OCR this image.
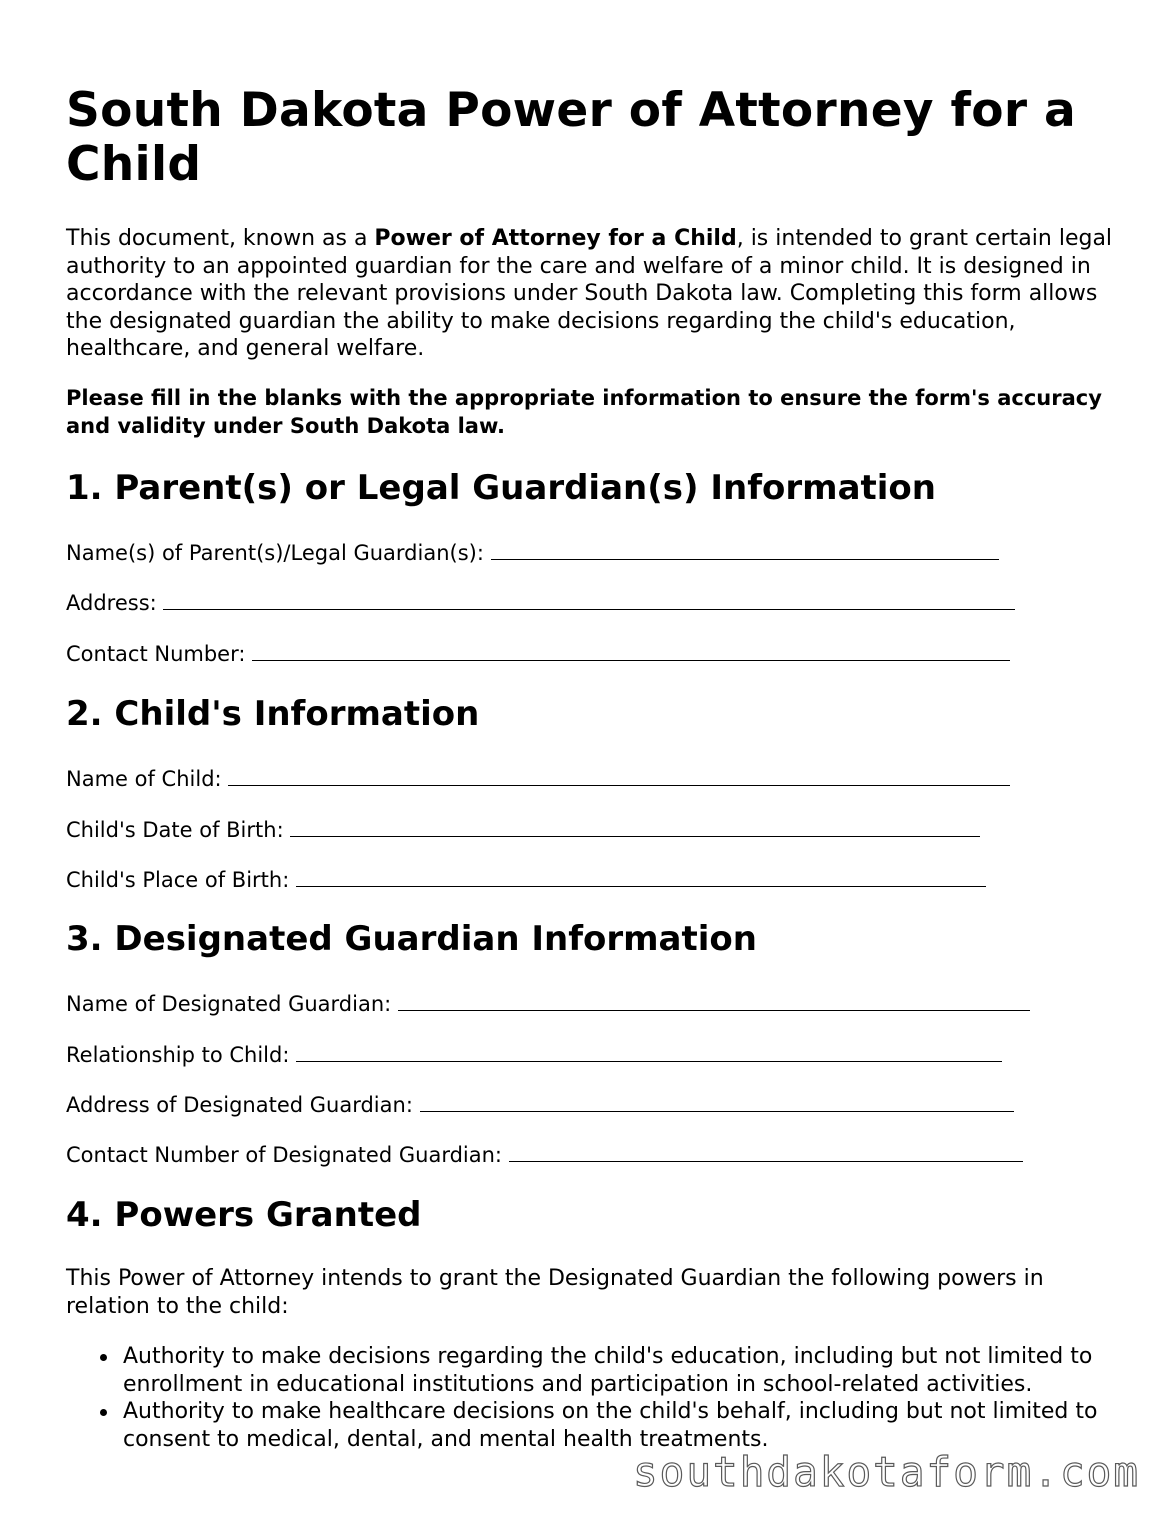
South Dakota Power of Attorney for a Child

This document, known as a Power of Attorney for a Child, is intended to grant certain legal authority to an appointed guardian for the care and welfare of a minor child. It is designed in accordance with the relevant provisions under South Dakota law. Completing this form allows the designated guardian the ability to make decisions regarding the child's education, healthcare, and general welfare.

Please fill in the blanks with the appropriate information to ensure the form's accuracy and validity under South Dakota law.

1. Parent(s) or Legal Guardian(s) Information
Name(s) of Parent(s)/Legal Guardian(s):
Address:
Contact Number:
2. Child's Information
Name of Child:
Child's Date of Birth:
Child's Place of Birth:
3. Designated Guardian Information
Name of Designated Guardian:
Relationship to Child:
Address of Designated Guardian:
Contact Number of Designated Guardian:
4. Powers Granted

This Power of Attorney intends to grant the Designated Guardian the following powers in relation to the child:

Authority to make decisions regarding the child's education, including but not limited to enrollment in educational institutions and participation in school-related activities.
Authority to make healthcare decisions on the child's behalf, including but not limited to consent to medical, dental, and mental health treatments.
southdakotaform.com
